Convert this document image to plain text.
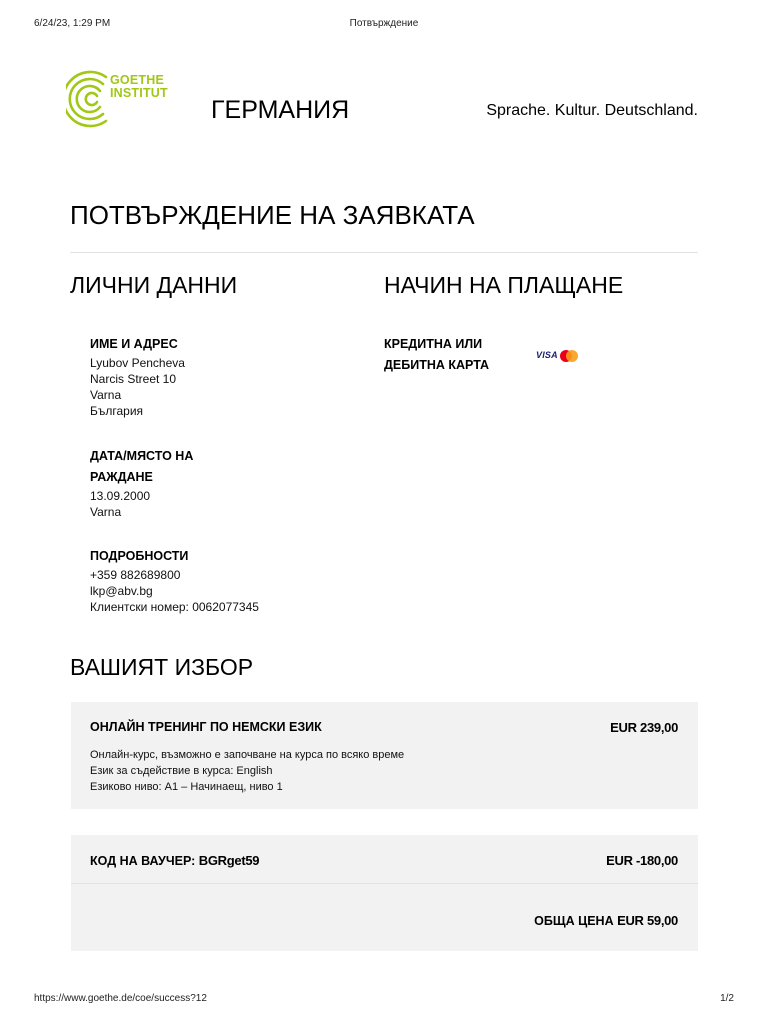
6/24/23, 1:29 PM	Потвърждение
GOETHE
INSTITUT
ГЕРМАНИЯ	Sprache. Kultur. Deutschland.
ПОТВЪРЖДЕНИЕ НА ЗАЯВКАТА
ЛИЧНИ ДАННИ
ИМЕ И АДРЕС
Lyubov Pencheva
Narcis Street 10
Varna
България
ДАТА/МЯСТО НА РАЖДАНЕ
13.09.2000
Varna
ПОДРОБНОСТИ
+359 882689800
lkp@abv.bg
Клиентски номер: 0062077345
НАЧИН НА ПЛАЩАНЕ
КРЕДИТНА ИЛИ ДЕБИТНА КАРТА
VISA
ВАШИЯТ ИЗБОР
ОНЛАЙН ТРЕНИНГ ПО НЕМСКИ ЕЗИК	EUR 239,00
Онлайн-курс, възможно е започване на курса по всяко време
Език за съдействие в курса: English
Езиково ниво: A1 – Начинаещ, ниво 1
КОД НА ВАУЧЕР: BGRget59	EUR -180,00
ОБЩА ЦЕНА EUR 59,00
https://www.goethe.de/coe/success?12	1/2
